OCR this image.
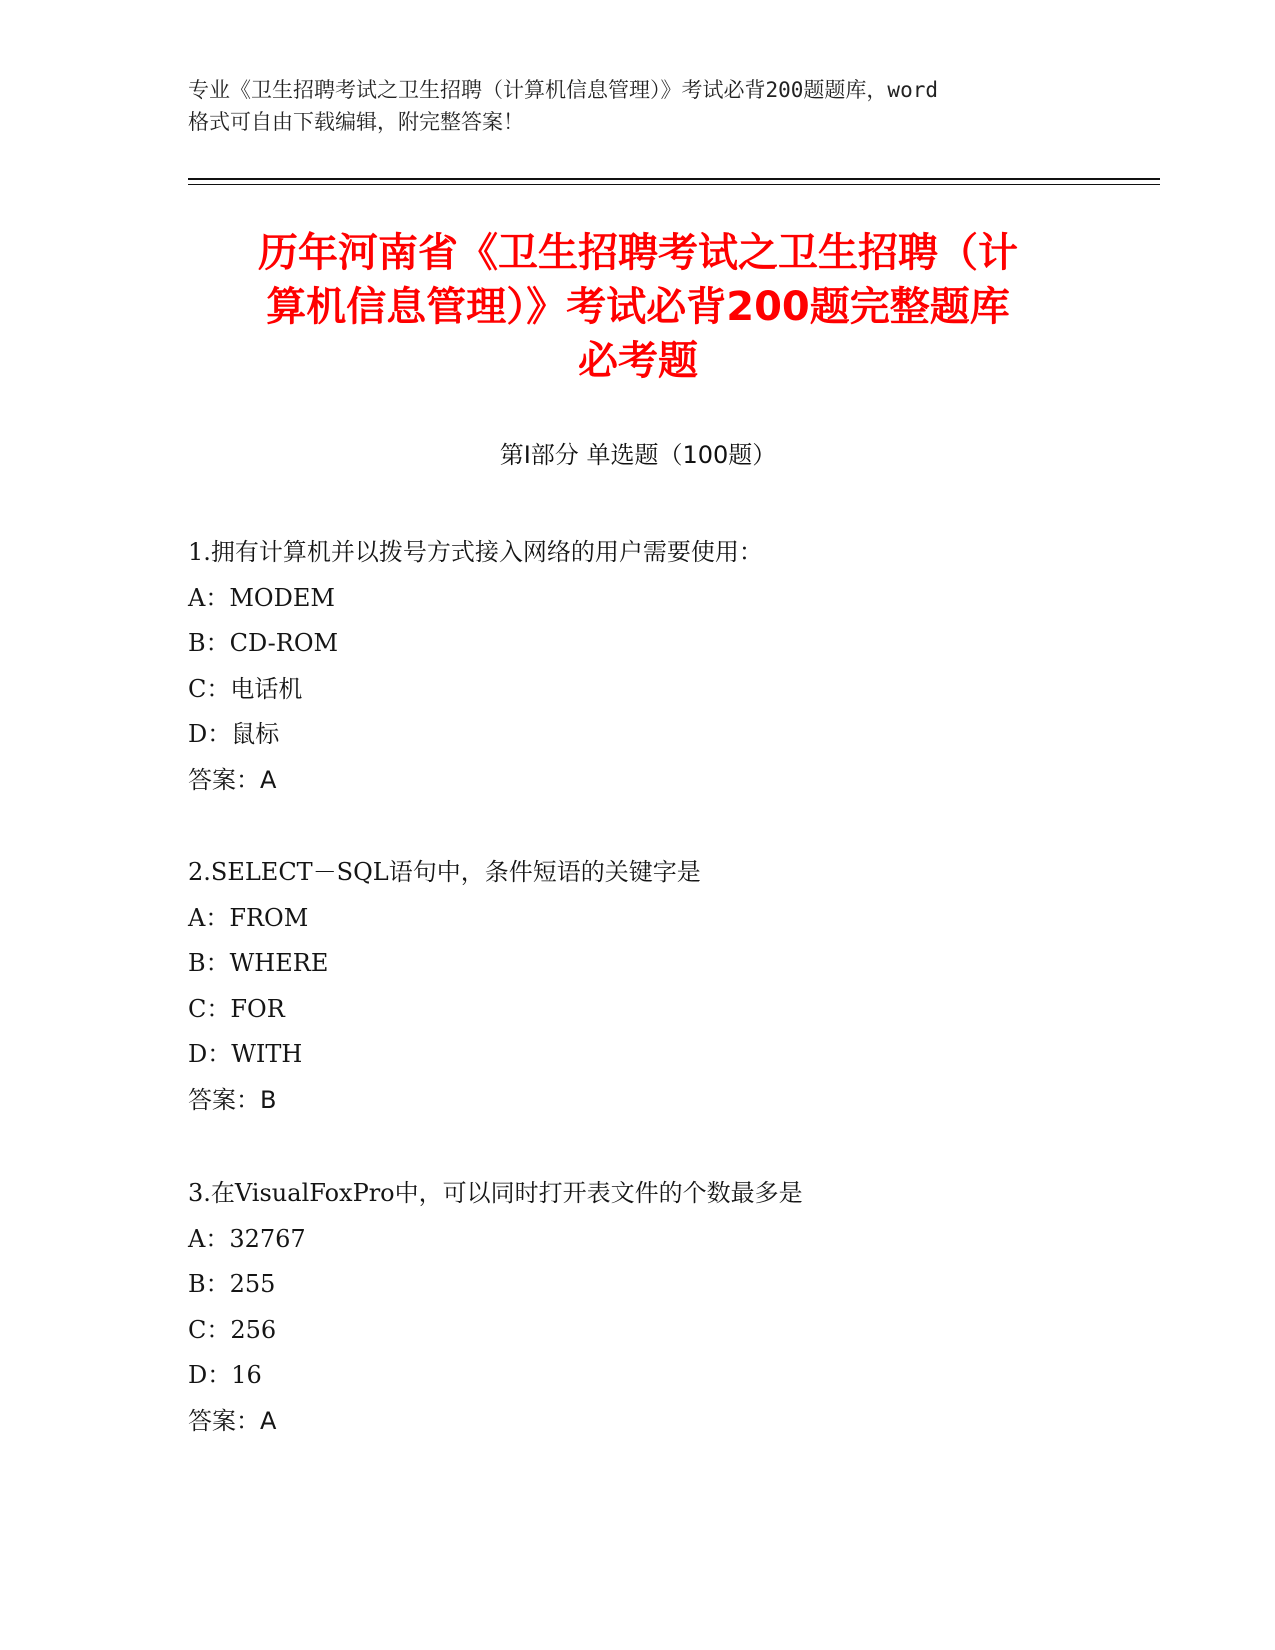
专业《卫生招聘考试之卫生招聘（计算机信息管理）》考试必背200题题库，word
格式可自由下载编辑，附完整答案！
历年河南省《卫生招聘考试之卫生招聘（计
算机信息管理）》考试必背200题完整题库
必考题
第Ⅰ部分 单选题（100题）
1.拥有计算机并以拨号方式接入网络的用户需要使用：
A：MODEM
B：CD-ROM
C：电话机
D：鼠标
答案：A
2.SELECT－SQL语句中，条件短语的关键字是
A：FROM
B：WHERE
C：FOR
D：WITH
答案：B
3.在VisualFoxPro中，可以同时打开表文件的个数最多是
A：32767
B：255
C：256
D：16
答案：A
